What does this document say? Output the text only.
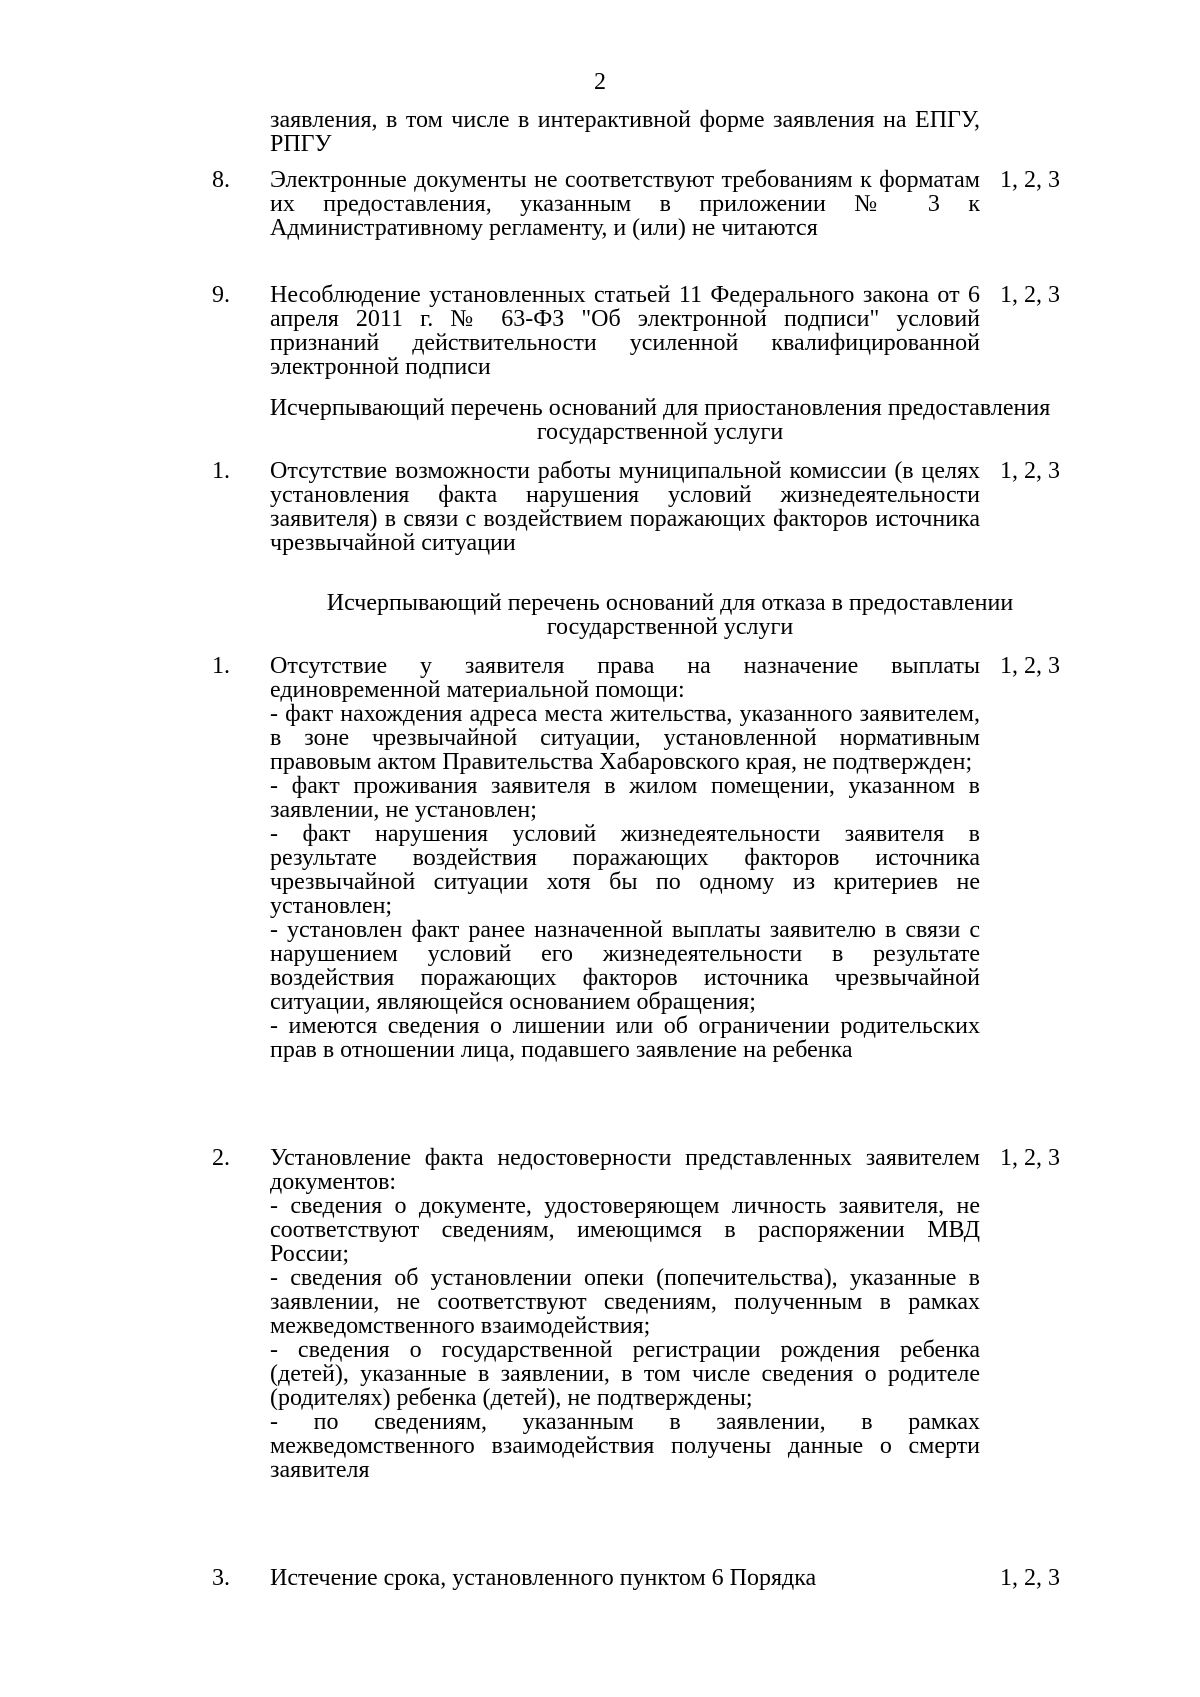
2
заявления, в том числе в интерактивной форме заявления на ЕПГУ, РПГУ
8. Электронные документы не соответствуют требованиям к форматам их предоставления, указанным в приложении № 3 к Административному регламенту, и (или) не читаются
1, 2, 3
9. Несоблюдение установленных статьей 11 Федерального закона от 6 апреля 2011 г. № 63-ФЗ "Об электронной подписи" условий признаний действительности усиленной квалифицированной электронной подписи
1, 2, 3
Исчерпывающий перечень оснований для приостановления предоставления государственной услуги
1. Отсутствие возможности работы муниципальной комиссии (в целях установления факта нарушения условий жизнедеятельности заявителя) в связи с воздействием поражающих факторов источника чрезвычайной ситуации
1, 2, 3
Исчерпывающий перечень оснований для отказа в предоставлении государственной услуги
1. Отсутствие у заявителя права на назначение выплаты единовременной материальной помощи:

- факт нахождения адреса места жительства, указанного заявителем, в зоне чрезвычайной ситуации, установленной нормативным правовым актом Правительства Хабаровского края, не подтвержден;

- факт проживания заявителя в жилом помещении, указанном в заявлении, не установлен;

- факт нарушения условий жизнедеятельности заявителя в результате воздействия поражающих факторов источника чрезвычайной ситуации хотя бы по одному из критериев не установлен;

- установлен факт ранее назначенной выплаты заявителю в связи с нарушением условий его жизнедеятельности в результате воздействия поражающих факторов источника чрезвычайной ситуации, являющейся основанием обращения;

- имеются сведения о лишении или об ограничении родительских прав в отношении лица, подавшего заявление на ребенка

1, 2, 3
2. Установление факта недостоверности представленных заявителем документов:

- сведения о документе, удостоверяющем личность заявителя, не соответствуют сведениям, имеющимся в распоряжении МВД России;

- сведения об установлении опеки (попечительства), указанные в заявлении, не соответствуют сведениям, полученным в рамках межведомственного взаимодействия;

- сведения о государственной регистрации рождения ребенка (детей), указанные в заявлении, в том числе сведения о родителе (родителях) ребенка (детей), не подтверждены;

- по сведениям, указанным в заявлении, в рамках межведомственного взаимодействия получены данные о смерти заявителя

1, 2, 3
3. Истечение срока, установленного пунктом 6 Порядка	1, 2, 3
